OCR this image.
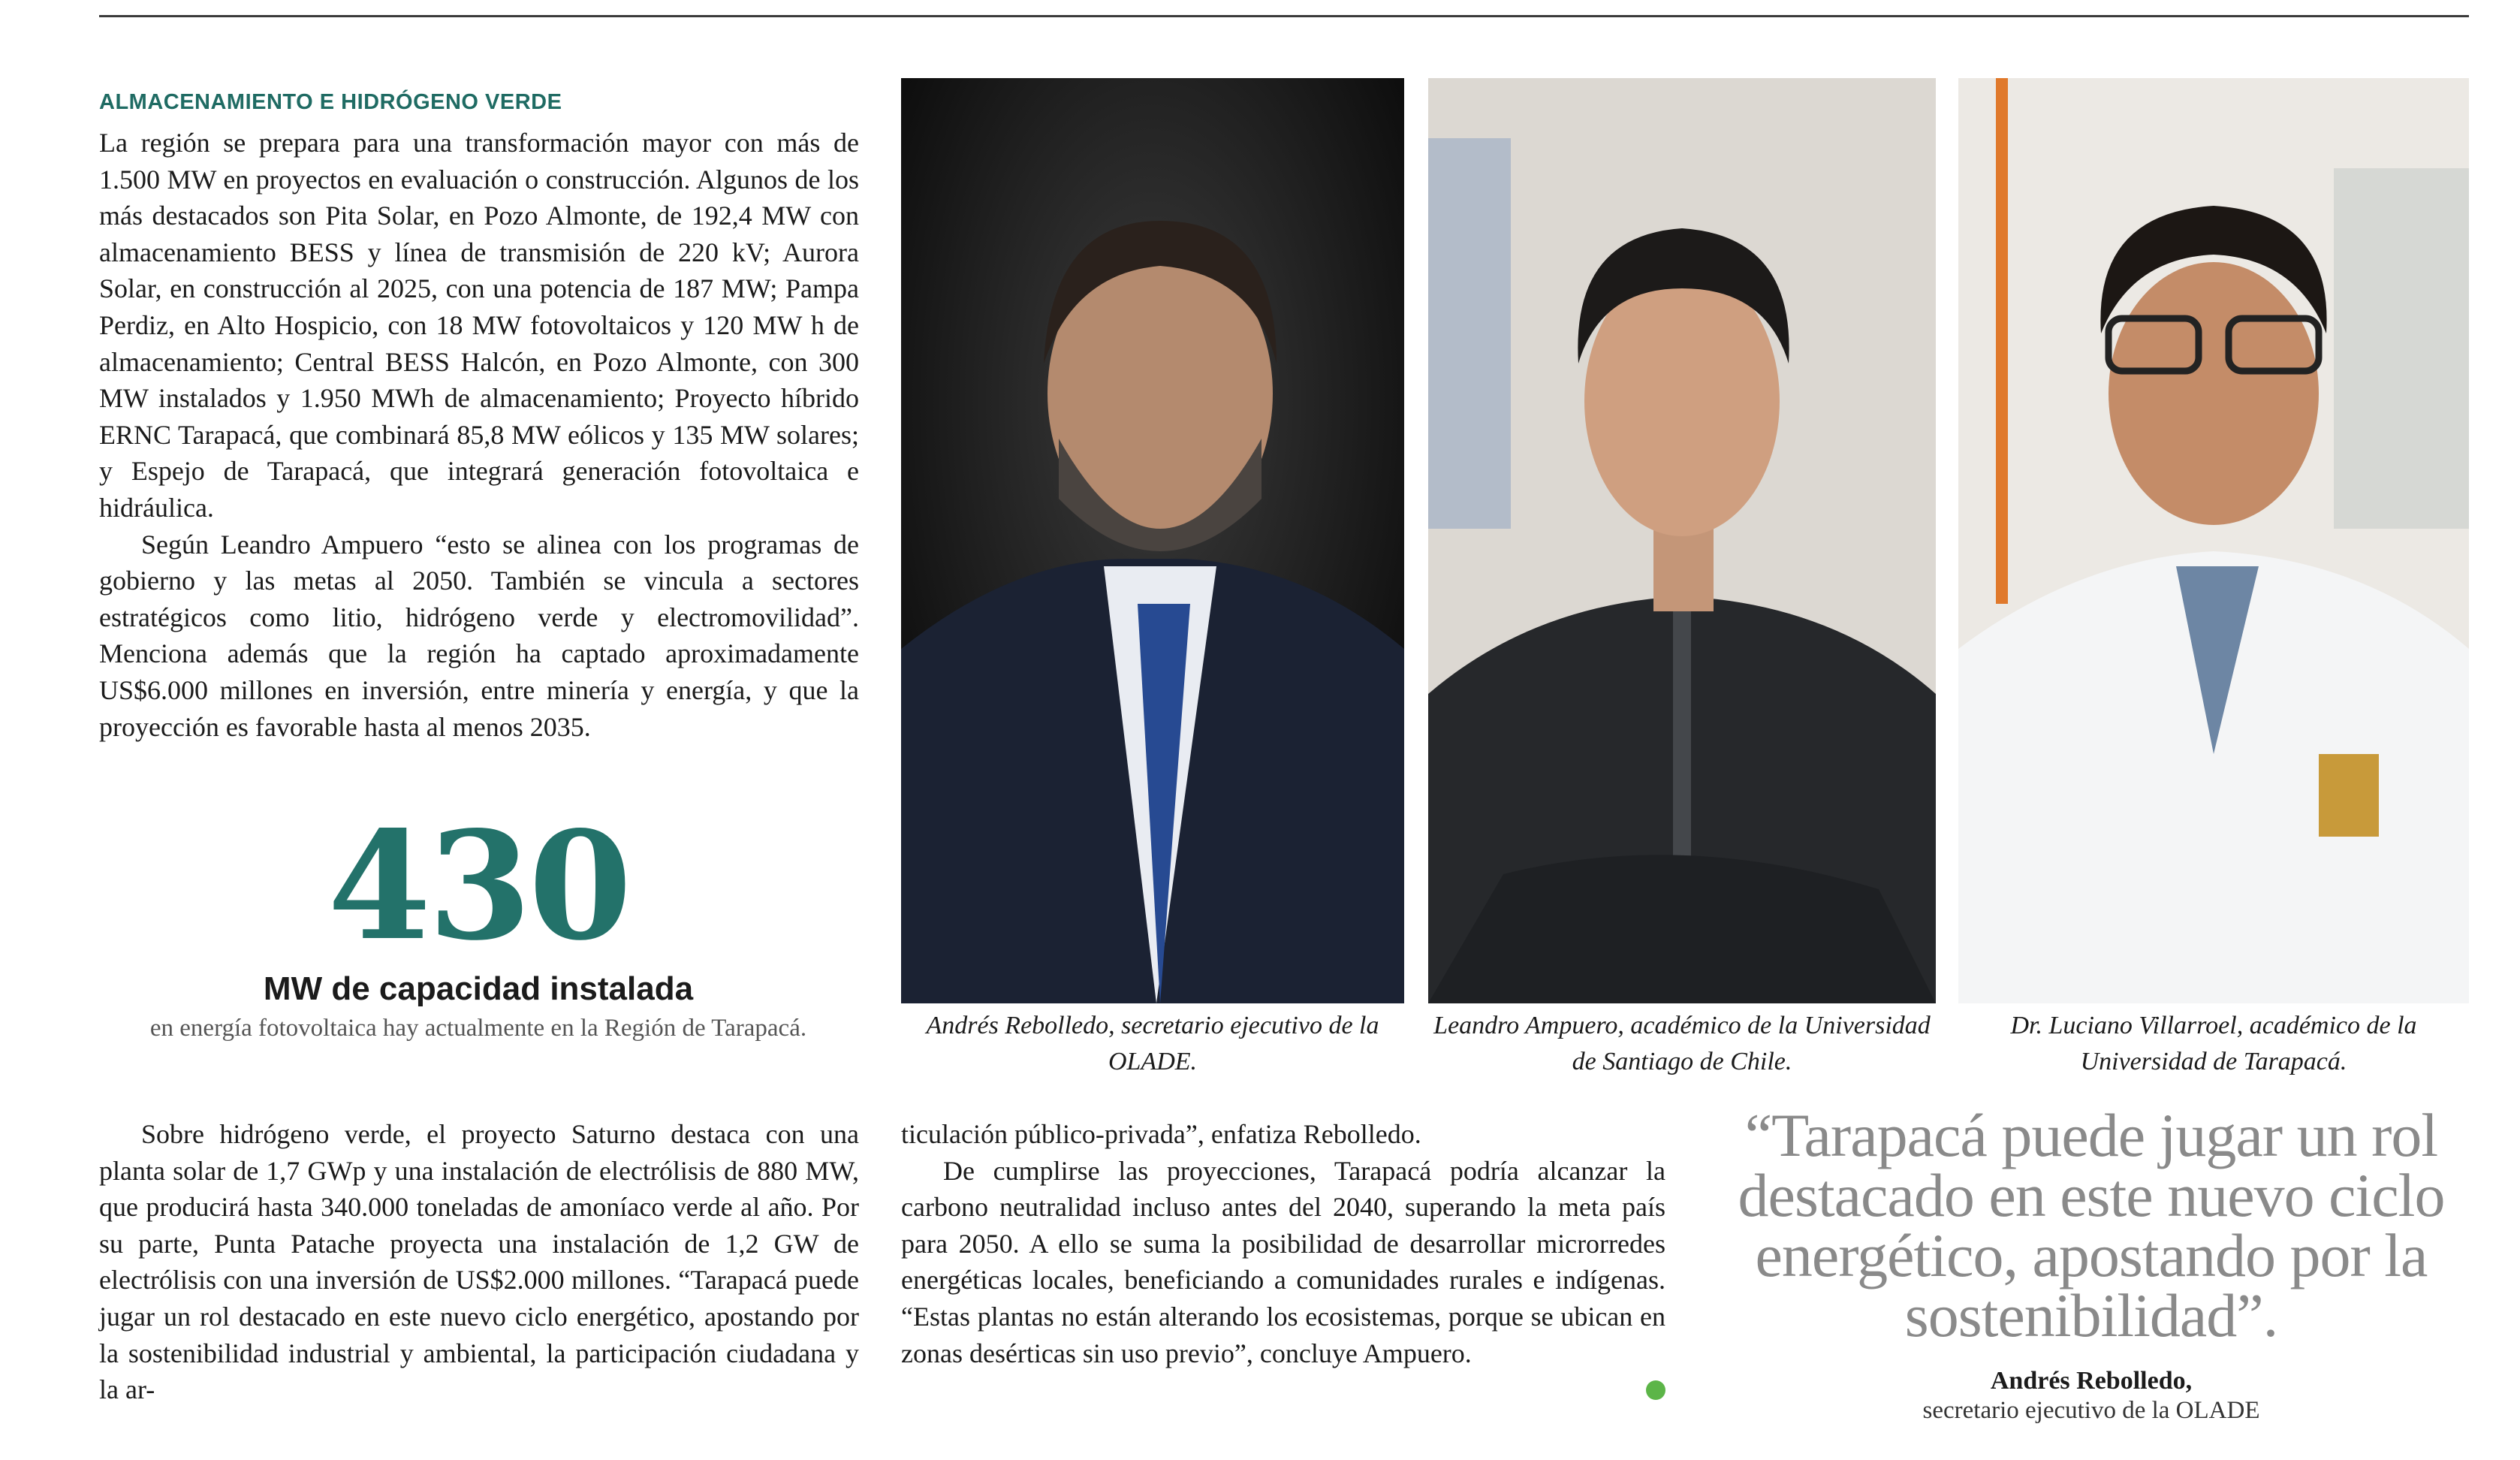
ALMACENAMIENTO E HIDRÓGENO VERDE

La región se prepara para una transformación mayor con más de 1.500 MW en proyectos en evaluación o construcción. Algunos de los más destacados son Pita Solar, en Pozo Almonte, de 192,4 MW con almacenamiento BESS y línea de transmisión de 220 kV; Aurora Solar, en construcción al 2025, con una potencia de 187 MW; Pampa Perdiz, en Alto Hospicio, con 18 MW fotovoltaicos y 120 MW h de almacenamiento; Central BESS Halcón, en Pozo Almonte, con 300 MW instalados y 1.950 MWh de almacenamiento; Proyecto híbrido ERNC Tarapacá, que combinará 85,8 MW eólicos y 135 MW solares; y Espejo de Tarapacá, que integrará generación fotovoltaica e hidráulica.

Según Leandro Ampuero “esto se alinea con los programas de gobierno y las metas al 2050. También se vincula a sectores estratégicos como litio, hidrógeno verde y electromovilidad”. Menciona además que la región ha captado aproximadamente US$6.000 millones en inversión, entre minería y energía, y que la proyección es favorable hasta al menos 2035.

430
MW de capacidad instalada
en energía fotovoltaica hay actualmente en la Región de Tarapacá.	Andrés Rebolledo, secretario ejecutivo de la OLADE.
Leandro Ampuero, académico de la Universidad de Santiago de Chile.
Dr. Luciano Villarroel, académico de la Universidad de Tarapacá.

Sobre hidrógeno verde, el proyecto Saturno destaca con una planta solar de 1,7 GWp y una instalación de electrólisis de 880 MW, que producirá hasta 340.000 toneladas de amoníaco verde al año. Por su parte, Punta Patache proyecta una instalación de 1,2 GW de electrólisis con una inversión de US$2.000 millones. “Tarapacá puede jugar un rol destacado en este nuevo ciclo energético, apostando por la sostenibilidad industrial y ambiental, la participación ciudadana y la ar-

ticulación público-privada”, enfatiza Rebolledo.

De cumplirse las proyecciones, Tarapacá podría alcanzar la carbono neutralidad incluso antes del 2040, superando la meta país para 2050. A ello se suma la posibilidad de desarrollar microrredes energéticas locales, beneficiando a comunidades rurales e indígenas. “Estas plantas no están alterando los ecosistemas, porque se ubican en zonas desérticas sin uso previo”, concluye Ampuero.

“Tarapacá puede jugar un rol destacado en este nuevo ciclo energético, apostando por la sostenibilidad”.
Andrés Rebolledo,
secretario ejecutivo de la OLADE
